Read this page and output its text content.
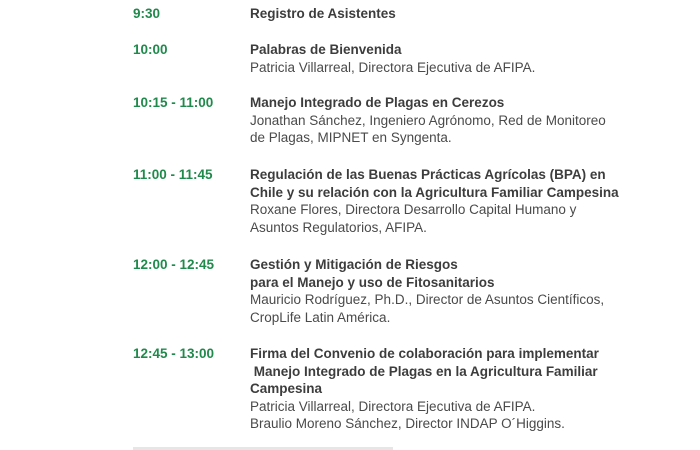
9:30	Registro de Asistentes
10:00	Palabras de Bienvenida
Patricia Villarreal, Directora Ejecutiva de AFIPA.
10:15 - 11:00	Manejo Integrado de Plagas en Cerezos
Jonathan Sánchez, Ingeniero Agrónomo, Red de Monitoreo
de Plagas, MIPNET en Syngenta.
11:00 - 11:45	Regulación de las Buenas Prácticas Agrícolas (BPA) en
Chile y su relación con la Agricultura Familiar Campesina
Roxane Flores, Directora Desarrollo Capital Humano y
Asuntos Regulatorios, AFIPA.
12:00 - 12:45	Gestión y Mitigación de Riesgos
para el Manejo y uso de Fitosanitarios
Mauricio Rodríguez, Ph.D., Director de Asuntos Científicos,
CropLife Latin América.
12:45 - 13:00	Firma del Convenio de colaboración para implementar
Manejo Integrado de Plagas en la Agricultura Familiar
Campesina
Patricia Villarreal, Directora Ejecutiva de AFIPA.
Braulio Moreno Sánchez, Director INDAP O´Higgins.
